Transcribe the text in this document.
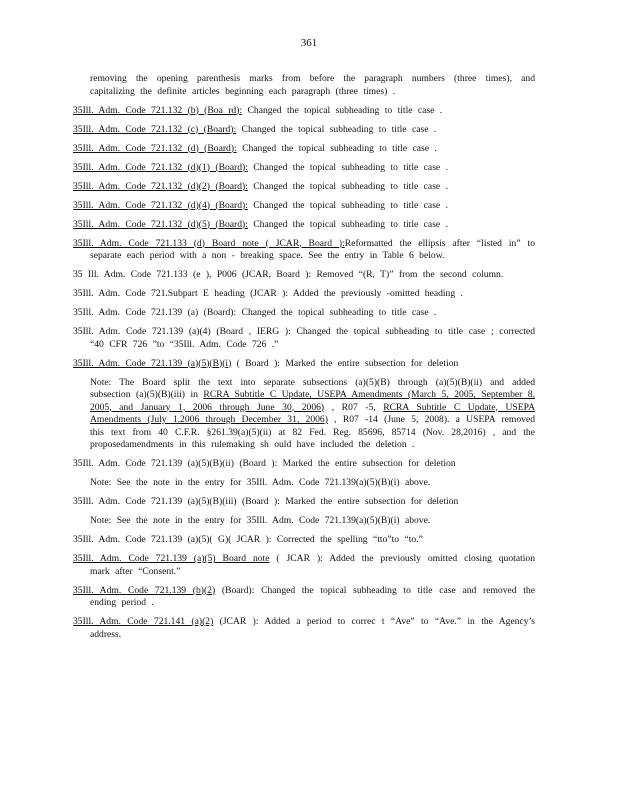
361

removing the opening parenthesis marks from before the paragraph numbers (three times), and capitalizing the definite articles beginning each paragraph (three times) .

35Ill. Adm. Code 721.132 (b) (Boa rd): Changed the topical subheading to title case .

35Ill. Adm. Code 721.132 (c) (Board): Changed the topical subheading to title case .

35Ill. Adm. Code 721.132 (d) (Board): Changed the topical subheading to title case .

35Ill. Adm. Code 721.132 (d)(1) (Board): Changed the topical subheading to title case .

35Ill. Adm. Code 721.132 (d)(2) (Board): Changed the topical subheading to title case .

35Ill. Adm. Code 721.132 (d)(4) (Board): Changed the topical subheading to title case .

35Ill. Adm. Code 721.132 (d)(5) (Board): Changed the topical subheading to title case .

35Ill. Adm. Code 721.133 (d) Board note ( JCAR, Board ):Reformatted the ellipsis after “listed in” to separate each period with a non - breaking space. See the entry in Table 6 below.

35 Ill. Adm. Code 721.133 (e ), P006 (JCAR, Board ): Removed “(R, T)” from the second column.

35Ill. Adm. Code 721.Subpart E heading (JCAR ): Added the previously -omitted heading .

35Ill. Adm. Code 721.139 (a) (Board): Changed the topical subheading to title case .

35Ill. Adm. Code 721.139 (a)(4) (Board , IERG ): Changed the topical subheading to title case ; corrected “40 CFR 726 ”to “35Ill. Adm. Code 726 .”

35Ill. Adm. Code 721.139 (a)(5)(B)(i) ( Board ): Marked the entire subsection for deletion

Note: The Board split the text into separate subsections (a)(5)(B) through (a)(5)(B)(ii) and added subsection (a)(5)(B)(iii) in RCRA Subtitle C Update, USEPA Amendments (March 5, 2005, September 8, 2005, and January 1, 2006 through June 30, 2006) , R07 -5, RCRA Subtitle C Update, USEPA Amendments (July 1,2006 through December 31, 2006) , R07 -14 (June 5, 2008). a USEPA removed this text from 40 C.F.R. §261.39(a)(5)(ii) at 82 Fed. Reg. 85696, 85714 (Nov. 28,2016) , and the proposedamendments in this rulemaking sh ould have included the deletion .

35Ill. Adm. Code 721.139 (a)(5)(B)(ii) (Board ): Marked the entire subsection for deletion

Note: See the note in the entry for 35Ill. Adm. Code 721.139(a)(5)(B)(i) above.

35Ill. Adm. Code 721.139 (a)(5)(B)(iii) (Board ): Marked the entire subsection for deletion

Note: See the note in the entry for 35Ill. Adm. Code 721.139(a)(5)(B)(i) above.

35Ill. Adm. Code 721.139 (a)(5)( G)( JCAR ): Corrected the spelling “tto”to “to.”

35Ill. Adm. Code 721.139 (a)(5) Board note ( JCAR ): Added the previously omitted closing quotation mark after “Consent.”

35Ill. Adm. Code 721.139 (b)(2) (Board): Changed the topical subheading to title case and removed the ending period .

35Ill. Adm. Code 721.141 (a)(2) (JCAR ): Added a period to correc t “Ave” to “Ave.” in the Agency’s address.
